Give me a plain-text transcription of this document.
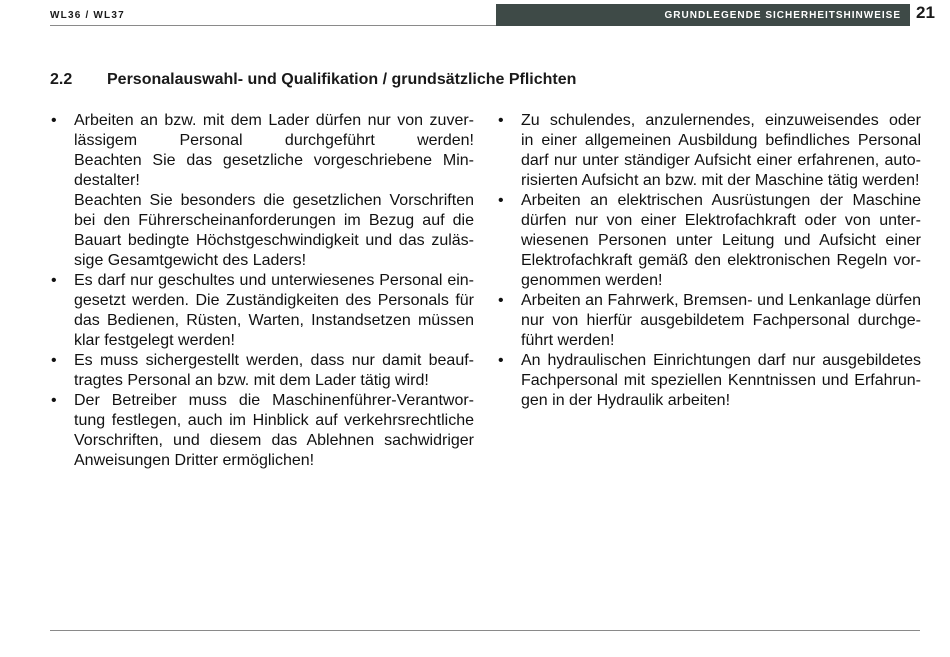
WL36 / WL37	GRUNDLEGENDE SICHERHEITSHINWEISE 21
2.2 Personalauswahl- und Qualifikation / grundsätzliche Pflichten
• Arbeiten an bzw. mit dem Lader dürfen nur von zuver-
lässigem Personal durchgeführt werden!
Beachten Sie das gesetzliche vorgeschriebene Min-
destalter!
Beachten Sie besonders die gesetzlichen Vorschriften
bei den Führerscheinanforderungen im Bezug auf die
Bauart bedingte Höchstgeschwindigkeit und das zuläs-
sige Gesamtgewicht des Laders!
• Es darf nur geschultes und unterwiesenes Personal ein-
gesetzt werden. Die Zuständigkeiten des Personals für
das Bedienen, Rüsten, Warten, Instandsetzen müssen
klar festgelegt werden!
• Es muss sichergestellt werden, dass nur damit beauf-
tragtes Personal an bzw. mit dem Lader tätig wird!
• Der Betreiber muss die Maschinenführer-Verantwor-
tung festlegen, auch im Hinblick auf verkehrsrechtliche
Vorschriften, und diesem das Ablehnen sachwidriger
Anweisungen Dritter ermöglichen!
• Zu schulendes, anzulernendes, einzuweisendes oder
in einer allgemeinen Ausbildung befindliches Personal
darf nur unter ständiger Aufsicht einer erfahrenen, auto-
risierten Aufsicht an bzw. mit der Maschine tätig werden!
• Arbeiten an elektrischen Ausrüstungen der Maschine
dürfen nur von einer Elektrofachkraft oder von unter-
wiesenen Personen unter Leitung und Aufsicht einer
Elektrofachkraft gemäß den elektronischen Regeln vor-
genommen werden!
• Arbeiten an Fahrwerk, Bremsen- und Lenkanlage dürfen
nur von hierfür ausgebildetem Fachpersonal durchge-
führt werden!
• An hydraulischen Einrichtungen darf nur ausgebildetes
Fachpersonal mit speziellen Kenntnissen und Erfahrun-
gen in der Hydraulik arbeiten!
